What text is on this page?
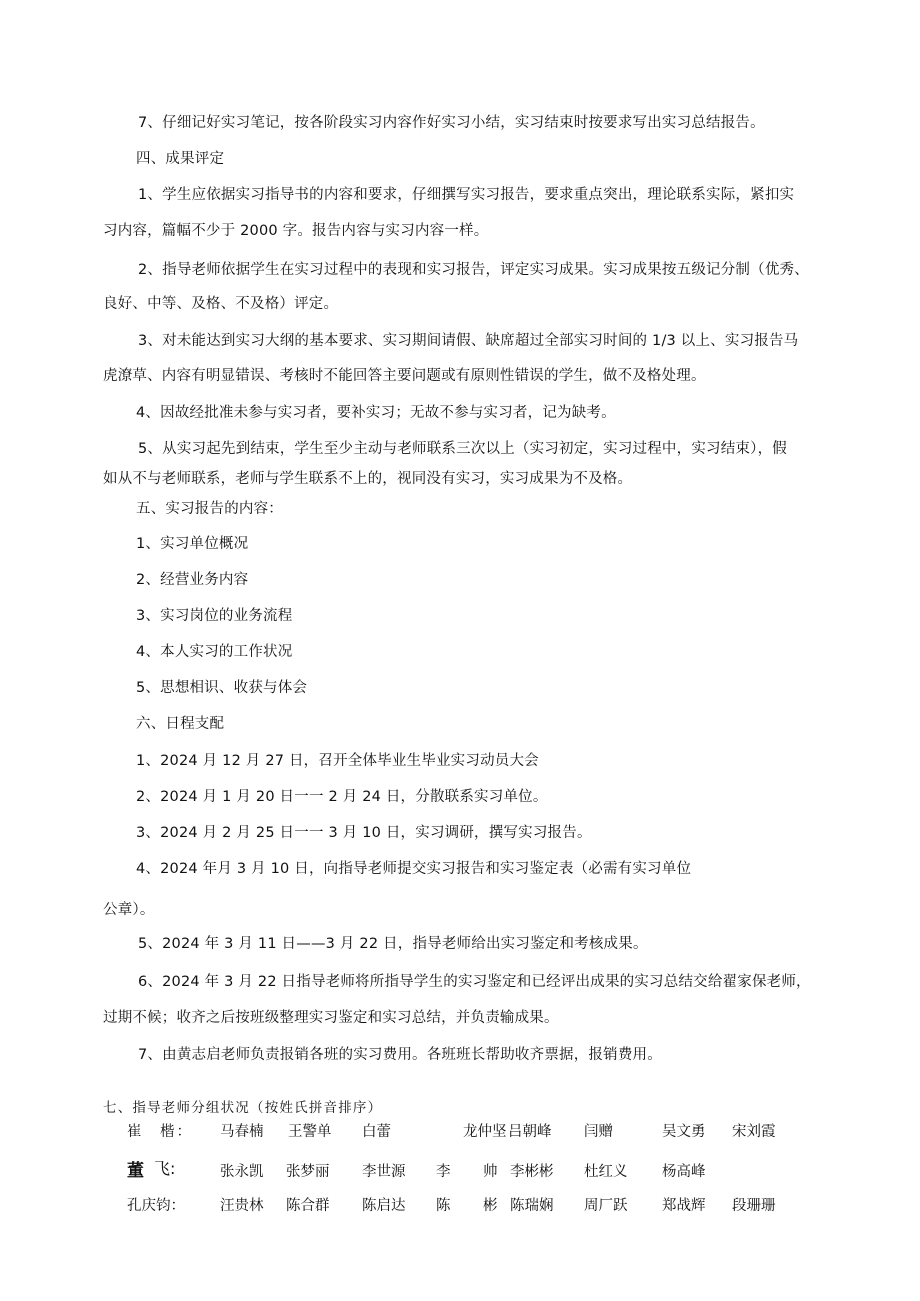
7、仔细记好实习笔记，按各阶段实习内容作好实习小结，实习结束时按要求写出实习总结报告。
四、成果评定
1、学生应依据实习指导书的内容和要求，仔细撰写实习报告，要求重点突出，理论联系实际，紧扣实
习内容，篇幅不少于 2000 字。报告内容与实习内容一样。
2、指导老师依据学生在实习过程中的表现和实习报告，评定实习成果。实习成果按五级记分制（优秀、
良好、中等、及格、不及格）评定。
3、对未能达到实习大纲的基本要求、实习期间请假、缺席超过全部实习时间的 1/3 以上、实习报告马
虎潦草、内容有明显错误、考核时不能回答主要问题或有原则性错误的学生，做不及格处理。
4、因故经批准未参与实习者，要补实习；无故不参与实习者，记为缺考。
5、从实习起先到结束，学生至少主动与老师联系三次以上（实习初定，实习过程中，实习结束），假
如从不与老师联系，老师与学生联系不上的，视同没有实习，实习成果为不及格。
五、实习报告的内容：
1、实习单位概况
2、经营业务内容
3、实习岗位的业务流程
4、本人实习的工作状况
5、思想相识、收获与体会
六、日程支配
1、2024 月 12 月 27 日，召开全体毕业生毕业实习动员大会
2、2024 月 1 月 20 日一一 2 月 24 日，分散联系实习单位。
3、2024 月 2 月 25 日一一 3 月 10 日，实习调研，撰写实习报告。
4、2024 年月 3 月 10 日，向指导老师提交实习报告和实习鉴定表（必需有实习单位
公章）。
5、2024 年 3 月 11 日——3 月 22 日，指导老师给出实习鉴定和考核成果。
6、2024 年 3 月 22 日指导老师将所指导学生的实习鉴定和已经评出成果的实习总结交给翟家保老师，
过期不候；收齐之后按班级整理实习鉴定和实习总结，并负责输成果。
7、由黄志启老师负责报销各班的实习费用。各班班长帮助收齐票据，报销费用。
七、指导老师分组状况（按姓氏拼音排序）
崔　楷： 马春楠 王警单 白蕾	龙仲坚 吕朝峰 闫赠	吴文勇 宋刘霞
董 飞:	张永凯 张梦丽 李世源 李 帅 李彬彬 杜红义 杨高峰
孔庆钧： 汪贵林 陈合群 陈启达 陈 彬 陈瑞娴 周厂跃 郑战辉 段珊珊
